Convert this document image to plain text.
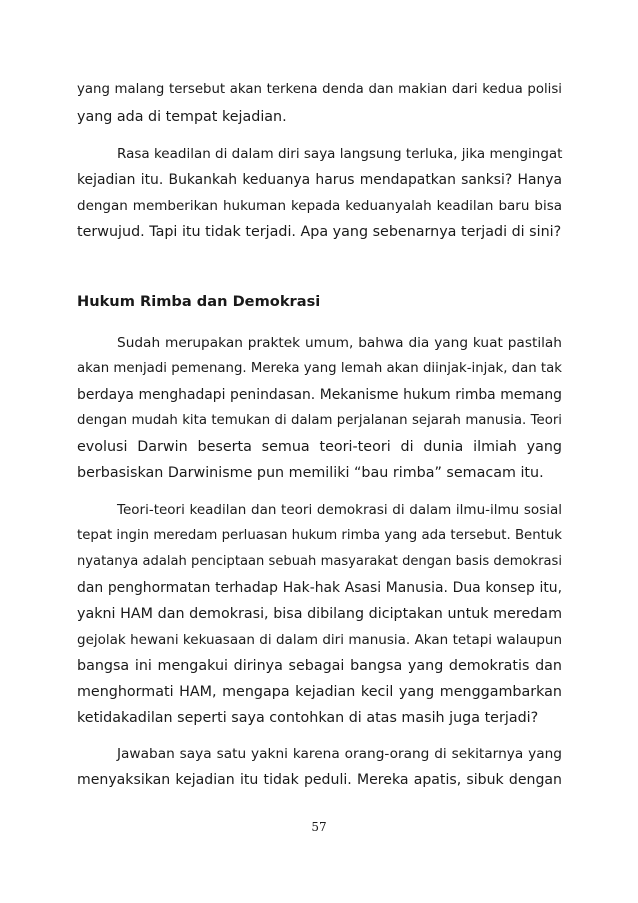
yang malang tersebut akan terkena denda dan makian dari kedua polisi
yang ada di tempat kejadian.
Rasa keadilan di dalam diri saya langsung terluka, jika mengingat
kejadian itu. Bukankah keduanya harus mendapatkan sanksi? Hanya
dengan memberikan hukuman kepada keduanyalah keadilan baru bisa
terwujud. Tapi itu tidak terjadi. Apa yang sebenarnya terjadi di sini?
Hukum Rimba dan Demokrasi
Sudah merupakan praktek umum, bahwa dia yang kuat pastilah
akan menjadi pemenang. Mereka yang lemah akan diinjak-injak, dan tak
berdaya menghadapi penindasan. Mekanisme hukum rimba memang
dengan mudah kita temukan di dalam perjalanan sejarah manusia. Teori
evolusi Darwin beserta semua teori-teori di dunia ilmiah yang
berbasiskan Darwinisme pun memiliki “bau rimba” semacam itu.
Teori-teori keadilan dan teori demokrasi di dalam ilmu-ilmu sosial
tepat ingin meredam perluasan hukum rimba yang ada tersebut. Bentuk
nyatanya adalah penciptaan sebuah masyarakat dengan basis demokrasi
dan penghormatan terhadap Hak-hak Asasi Manusia. Dua konsep itu,
yakni HAM dan demokrasi, bisa dibilang diciptakan untuk meredam
gejolak hewani kekuasaan di dalam diri manusia. Akan tetapi walaupun
bangsa ini mengakui dirinya sebagai bangsa yang demokratis dan
menghormati HAM, mengapa kejadian kecil yang menggambarkan
ketidakadilan seperti saya contohkan di atas masih juga terjadi?
Jawaban saya satu yakni karena orang-orang di sekitarnya yang
menyaksikan kejadian itu tidak peduli. Mereka apatis, sibuk dengan
57
